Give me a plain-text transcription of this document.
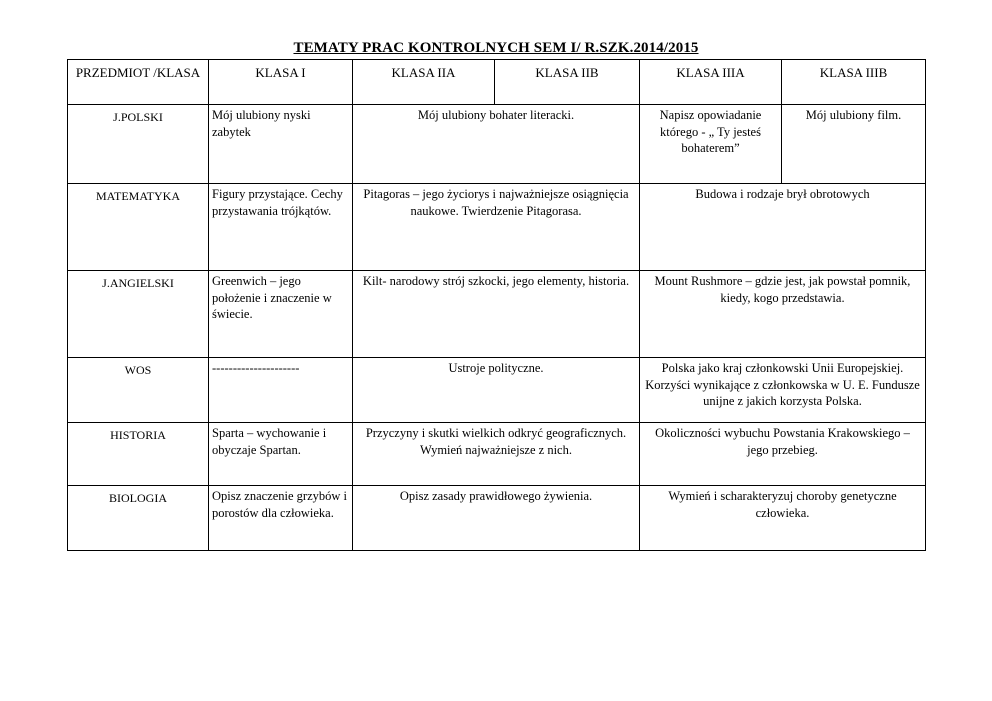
TEMATY PRAC KONTROLNYCH SEM I/ R.SZK.2014/2015
PRZEDMIOT /KLASA	KLASA I	KLASA IIA	KLASA IIB	KLASA IIIA	KLASA IIIB
J.POLSKI	Mój ulubiony nyski zabytek	Mój ulubiony bohater literacki.		Napisz opowiadanie którego - „ Ty jesteś bohaterem”	Mój ulubiony film.
MATEMATYKA	Figury przystające. Cechy przystawania trójkątów.	Pitagoras – jego życiorys i najważniejsze osiągnięcia naukowe. Twierdzenie Pitagorasa.		Budowa i rodzaje brył obrotowych	
J.ANGIELSKI	Greenwich – jego położenie i znaczenie w świecie.	Kilt- narodowy strój szkocki, jego elementy, historia.		Mount Rushmore – gdzie jest, jak powstał pomnik, kiedy, kogo przedstawia.	
WOS	---------------------	Ustroje polityczne.		Polska jako kraj członkowski Unii Europejskiej. Korzyści wynikające z członkowska w U. E. Fundusze unijne z jakich korzysta Polska.	
HISTORIA	Sparta – wychowanie i obyczaje Spartan.	Przyczyny i skutki wielkich odkryć geograficznych. Wymień najważniejsze z nich.		Okoliczności wybuchu Powstania Krakowskiego – jego przebieg.	
BIOLOGIA	Opisz znaczenie grzybów i porostów dla człowieka.	Opisz zasady prawidłowego żywienia.		Wymień i scharakteryzuj choroby genetyczne człowieka.	
